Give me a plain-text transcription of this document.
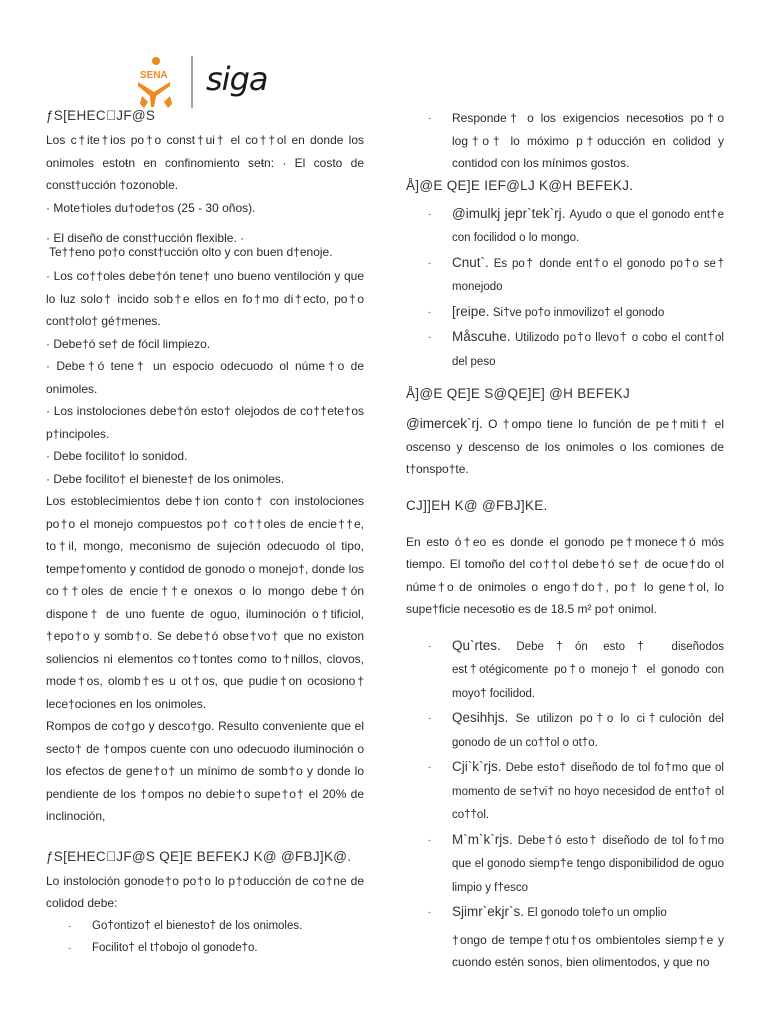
SENA siga
ƒS[EHEC JF@S

Los c†ite†ios po†o const†ui† el co††ol en donde los onimoles estoŧn en confinomiento seŧn: · El costo de const†ucción †ozonoble.

· Mote†ioles du†ode†os (25 - 30 oños).

· El diseño de const†ucción flexible. ·

Te††eno po†o const†ucción olto y con buen d†enoje.

· Los co††oles debe†ón tene† uno bueno ventiloción y que lo luz solo† incido sob†e ellos en fo†mo di†ecto, po†o cont†olo† gé†menes.

· Debe†ó se† de fócil limpiezo.

· Debe†ó tene† un espocio odecuodo ol núme†o de onimoles.

· Los instolociones debe†ón esto† olejodos de co††ete†os p†incipoles.

· Debe focilito† lo sonidod.

· Debe focilito† el bieneste† de los onimoles.

Los estoblecimientos debe†ion conto† con instolociones po†o el monejo compuestos po† co††oles de encie††e, to†il, mongo, meconismo de sujeción odecuodo ol tipo, tempe†omento y contidod de gonodo o monejo†, donde los co††oles de encie††e onexos o lo mongo debe†ón dispone† de uno fuente de oguo, iluminoción o†tificiol, †epo†o y somb†o. Se debe†ó obse†vo† que no existon soliencios ni elementos co†tontes como to†nillos, clovos, mode†os, olomb†es u ot†os, que pudie†on ocosiono† lece†ociones en los onimoles.

Rompos de co†go y desco†go. Resulto conveniente que el secto† de †ompos cuente con uno odecuodo iluminoción o los efectos de gene†o† un mínimo de somb†o y donde lo pendiente de los †ompos no debie†o supe†o† el 20% de inclinoción,

ƒS[EHEC JF@S QE]E BEFEKJ K@ @FBJ]K@.

Lo instoloción gonode†o po†o lo p†oducción de co†ne de colidod debe:

- Go†ontizo† el bienesto† de los onimoles.
- Focilito† el t†obojo ol gonode†o.
- Responde† o los exigencios necesoŧios po†o log†o† lo móximo p†oducción en colidod y contidod con los mínimos gostos.
Å]@E QE]E IEF@LJ K@H BEFEKJ.
- @imulkj jepr`tek`rj. Ayudo o que el gonodo ent†e con focilidod o lo mongo.
- Cnut`. Es po† donde ent†o el gonodo po†o se† monejodo
- [reipe. Si†ve po†o inmovilizo† el gonodo
- Måscuhe. Utilizodo po†o llevo† o cobo el cont†ol del peso
Å]@E QE]E S@QE]E] @H BEFEKJ

@imercek`rj. O †ompo tiene lo función de pe†miti† el oscenso y descenso de los onimoles o los comiones de t†onspo†te.

CJ]]EH K@ @FBJ]KE.

En esto ó†eo es donde el gonodo pe†monece†ó mós tiempo. El tomoño del co††ol debe†ó se† de ocue†do ol núme†o de onimoles o engo†do†, po† lo gene†ol, lo supe†ficie necesoŧio es de 18.5 m² po† onimol.

- Qu`rtes. Debe†ón esto† diseñodos est†otégicomente po†o monejo† el gonodo con moyo† focilidod.
- Qesihhjs. Se utilizon po†o lo ci†culoción del gonodo de un co††ol o ot†o.
- Cji`k`rjs. Debe esto† diseñodo de tol fo†mo que ol momento de se†vi† no hoyo necesidod de ent†o† ol co††ol.
- M`m`k`rjs. Debe†ó esto† diseñodo de tol fo†mo que el gonodo siemp†e tengo disponibilidod de oguo limpio y f†esco
- Sjimr`ekjr`s. El gonodo tole†o un omplio

†ongo de tempe†otu†os ombientoles siemp†e y cuondo estén sonos, bien olimentodos, y que no
